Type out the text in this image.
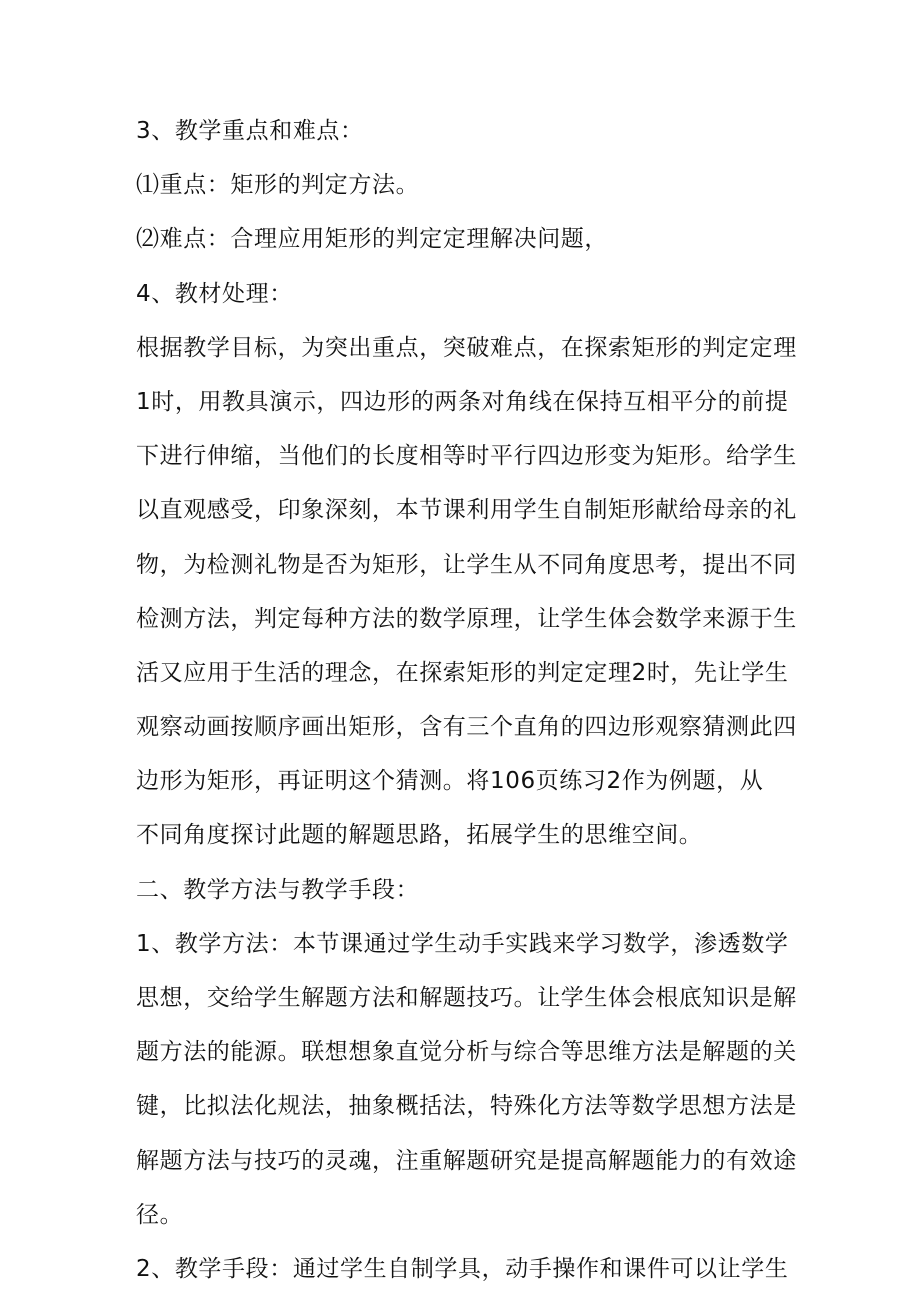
3、教学重点和难点：
⑴重点：矩形的判定方法。
⑵难点：合理应用矩形的判定定理解决问题，
4、教材处理：
根据教学目标，为突出重点，突破难点，在探索矩形的判定定理
1时，用教具演示，四边形的两条对角线在保持互相平分的前提
下进行伸缩，当他们的长度相等时平行四边形变为矩形。给学生
以直观感受，印象深刻，本节课利用学生自制矩形献给母亲的礼
物，为检测礼物是否为矩形，让学生从不同角度思考，提出不同
检测方法，判定每种方法的数学原理，让学生体会数学来源于生
活又应用于生活的理念，在探索矩形的判定定理2时，先让学生
观察动画按顺序画出矩形，含有三个直角的四边形观察猜测此四
边形为矩形，再证明这个猜测。将106页练习2作为例题，从
不同角度探讨此题的解题思路，拓展学生的思维空间。
二、教学方法与教学手段：
1、教学方法：本节课通过学生动手实践来学习数学，渗透数学
思想，交给学生解题方法和解题技巧。让学生体会根底知识是解
题方法的能源。联想想象直觉分析与综合等思维方法是解题的关
键，比拟法化规法，抽象概括法，特殊化方法等数学思想方法是
解题方法与技巧的灵魂，注重解题研究是提高解题能力的有效途
径。
2、教学手段：通过学生自制学具，动手操作和课件可以让学生
